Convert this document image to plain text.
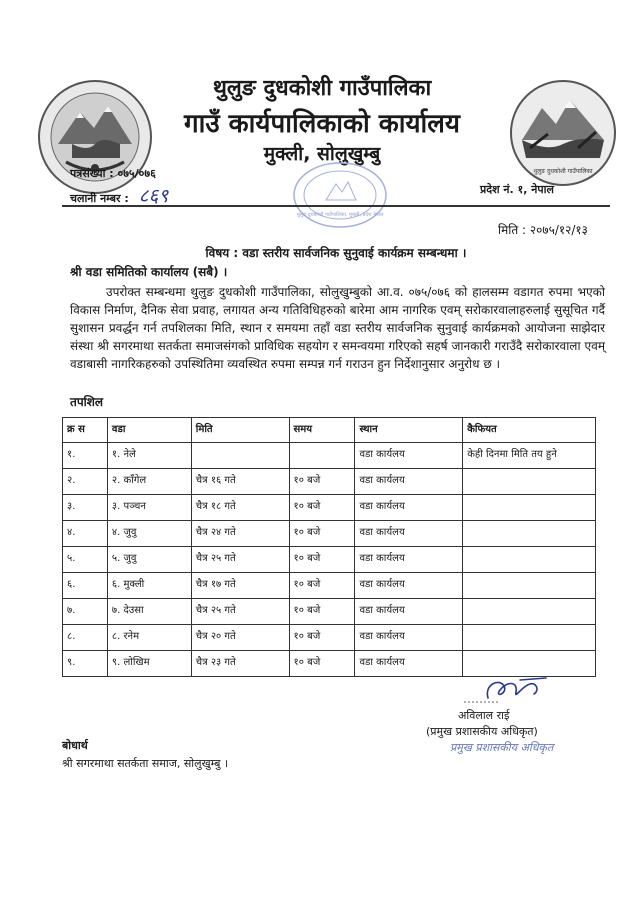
थुलुङ दुधकोशी गाउँपालिका
थुलुङ दुधकोशी गाउँपालिका
गाउँ कार्यपालिकाको कार्यालय
मुक्ली, सोलुखुम्बु
पत्रसंख्या : ०७५/०७६
चलानी नम्बर : ८६९	प्रदेश नं. १, नेपाल
थुलुङ दुधकोशी गाउँपालिका, मुक्ली, प्रदेश नेपाल
मिति : २०७५/१२/१३
विषय : वडा स्तरीय सार्वजनिक सुनुवाई कार्यक्रम सम्बन्धमा ।
श्री वडा समितिको कार्यालय (सबै) ।

उपरोक्त सम्बन्धमा थुलुङ दुधकोशी गाउँपालिका, सोलुखुम्बुको आ.व. ०७५/०७६ को हालसम्म वडागत रुपमा भएको विकास निर्माण, दैनिक सेवा प्रवाह, लगायत अन्य गतिविधिहरुको बारेमा आम नागरिक एवम् सरोकारवालाहरुलाई सुसूचित गर्दै सुशासन प्रवर्द्धन गर्न तपशिलका मिति, स्थान र समयमा तहाँ वडा स्तरीय सार्वजनिक सुनुवाई कार्यक्रमको आयोजना साझेदार संस्था श्री सगरमाथा सतर्कता समाजसंगको प्राविधिक सहयोग र समन्वयमा गरिएको सहर्ष जानकारी गराउँदै सरोकारवाला एवम् वडाबासी नागरिकहरुको उपस्थितिमा व्यवस्थित रुपमा सम्पन्न गर्न गराउन हुन निर्देशानुसार अनुरोध छ ।

तपशिल
क्र स	वडा	मिति	समय	स्थान	कैफियत
१.	१. नेले			वडा कार्यलय	केही दिनमा मिति तय हुने
२.	२. काँगेल	चैत्र १६ गते	१० बजे	वडा कार्यलय	
३.	३. पञ्चन	चैत्र १८ गते	१० बजे	वडा कार्यलय	
४.	४. जुवु	चैत्र २४ गते	१० बजे	वडा कार्यलय	
५.	५. जुवु	चैत्र २५ गते	१० बजे	वडा कार्यलय	
६.	६. मुक्ली	चैत्र १७ गते	१० बजे	वडा कार्यलय	
७.	७. देउसा	चैत्र २५ गते	१० बजे	वडा कार्यलय	
८.	८. रनेम	चैत्र २० गते	१० बजे	वडा कार्यलय	
९.	९. लोखिम	चैत्र २३ गते	१० बजे	वडा कार्यलय	
अविलाल राई
(प्रमुख प्रशासकीय अधिकृत)
प्रमुख प्रशासकीय अधिकृत
बोधार्थ
श्री सगरमाथा सतर्कता समाज, सोलुखुम्बु ।
